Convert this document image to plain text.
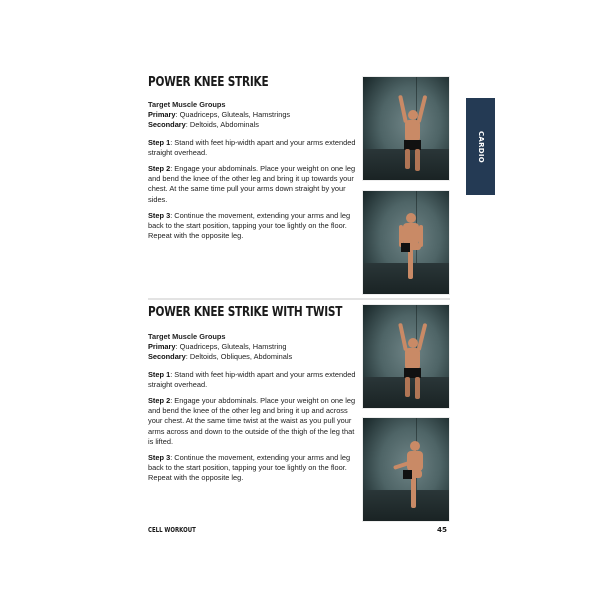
POWER KNEE STRIKE

Target Muscle Groups

Primary: Quadriceps, Gluteals, Hamstrings

Secondary: Deltoids, Abdominals

Step 1: Stand with feet hip-width apart and your arms extended straight overhead.

Step 2: Engage your abdominals. Place your weight on one leg and bend the knee of the other leg and bring it up towards your chest. At the same time pull your arms down straight by your sides.

Step 3: Continue the movement, extending your arms and leg back to the start position, tapping your toe lightly on the floor. Repeat with the opposite leg.

POWER KNEE STRIKE WITH TWIST

Target Muscle Groups

Primary: Quadriceps, Gluteals, Hamstring

Secondary: Deltoids, Obliques, Abdominals

Step 1: Stand with feet hip-width apart and your arms extended straight overhead.

Step 2: Engage your abdominals. Place your weight on one leg and bend the knee of the other leg and bring it up and across your chest. At the same time twist at the waist as you pull your arms across and down to the outside of the thigh of the leg that is lifted.

Step 3: Continue the movement, extending your arms and leg back to the start position, tapping your toe lightly on the floor. Repeat with the opposite leg.

CARDIO
CELL WORKOUT	45
